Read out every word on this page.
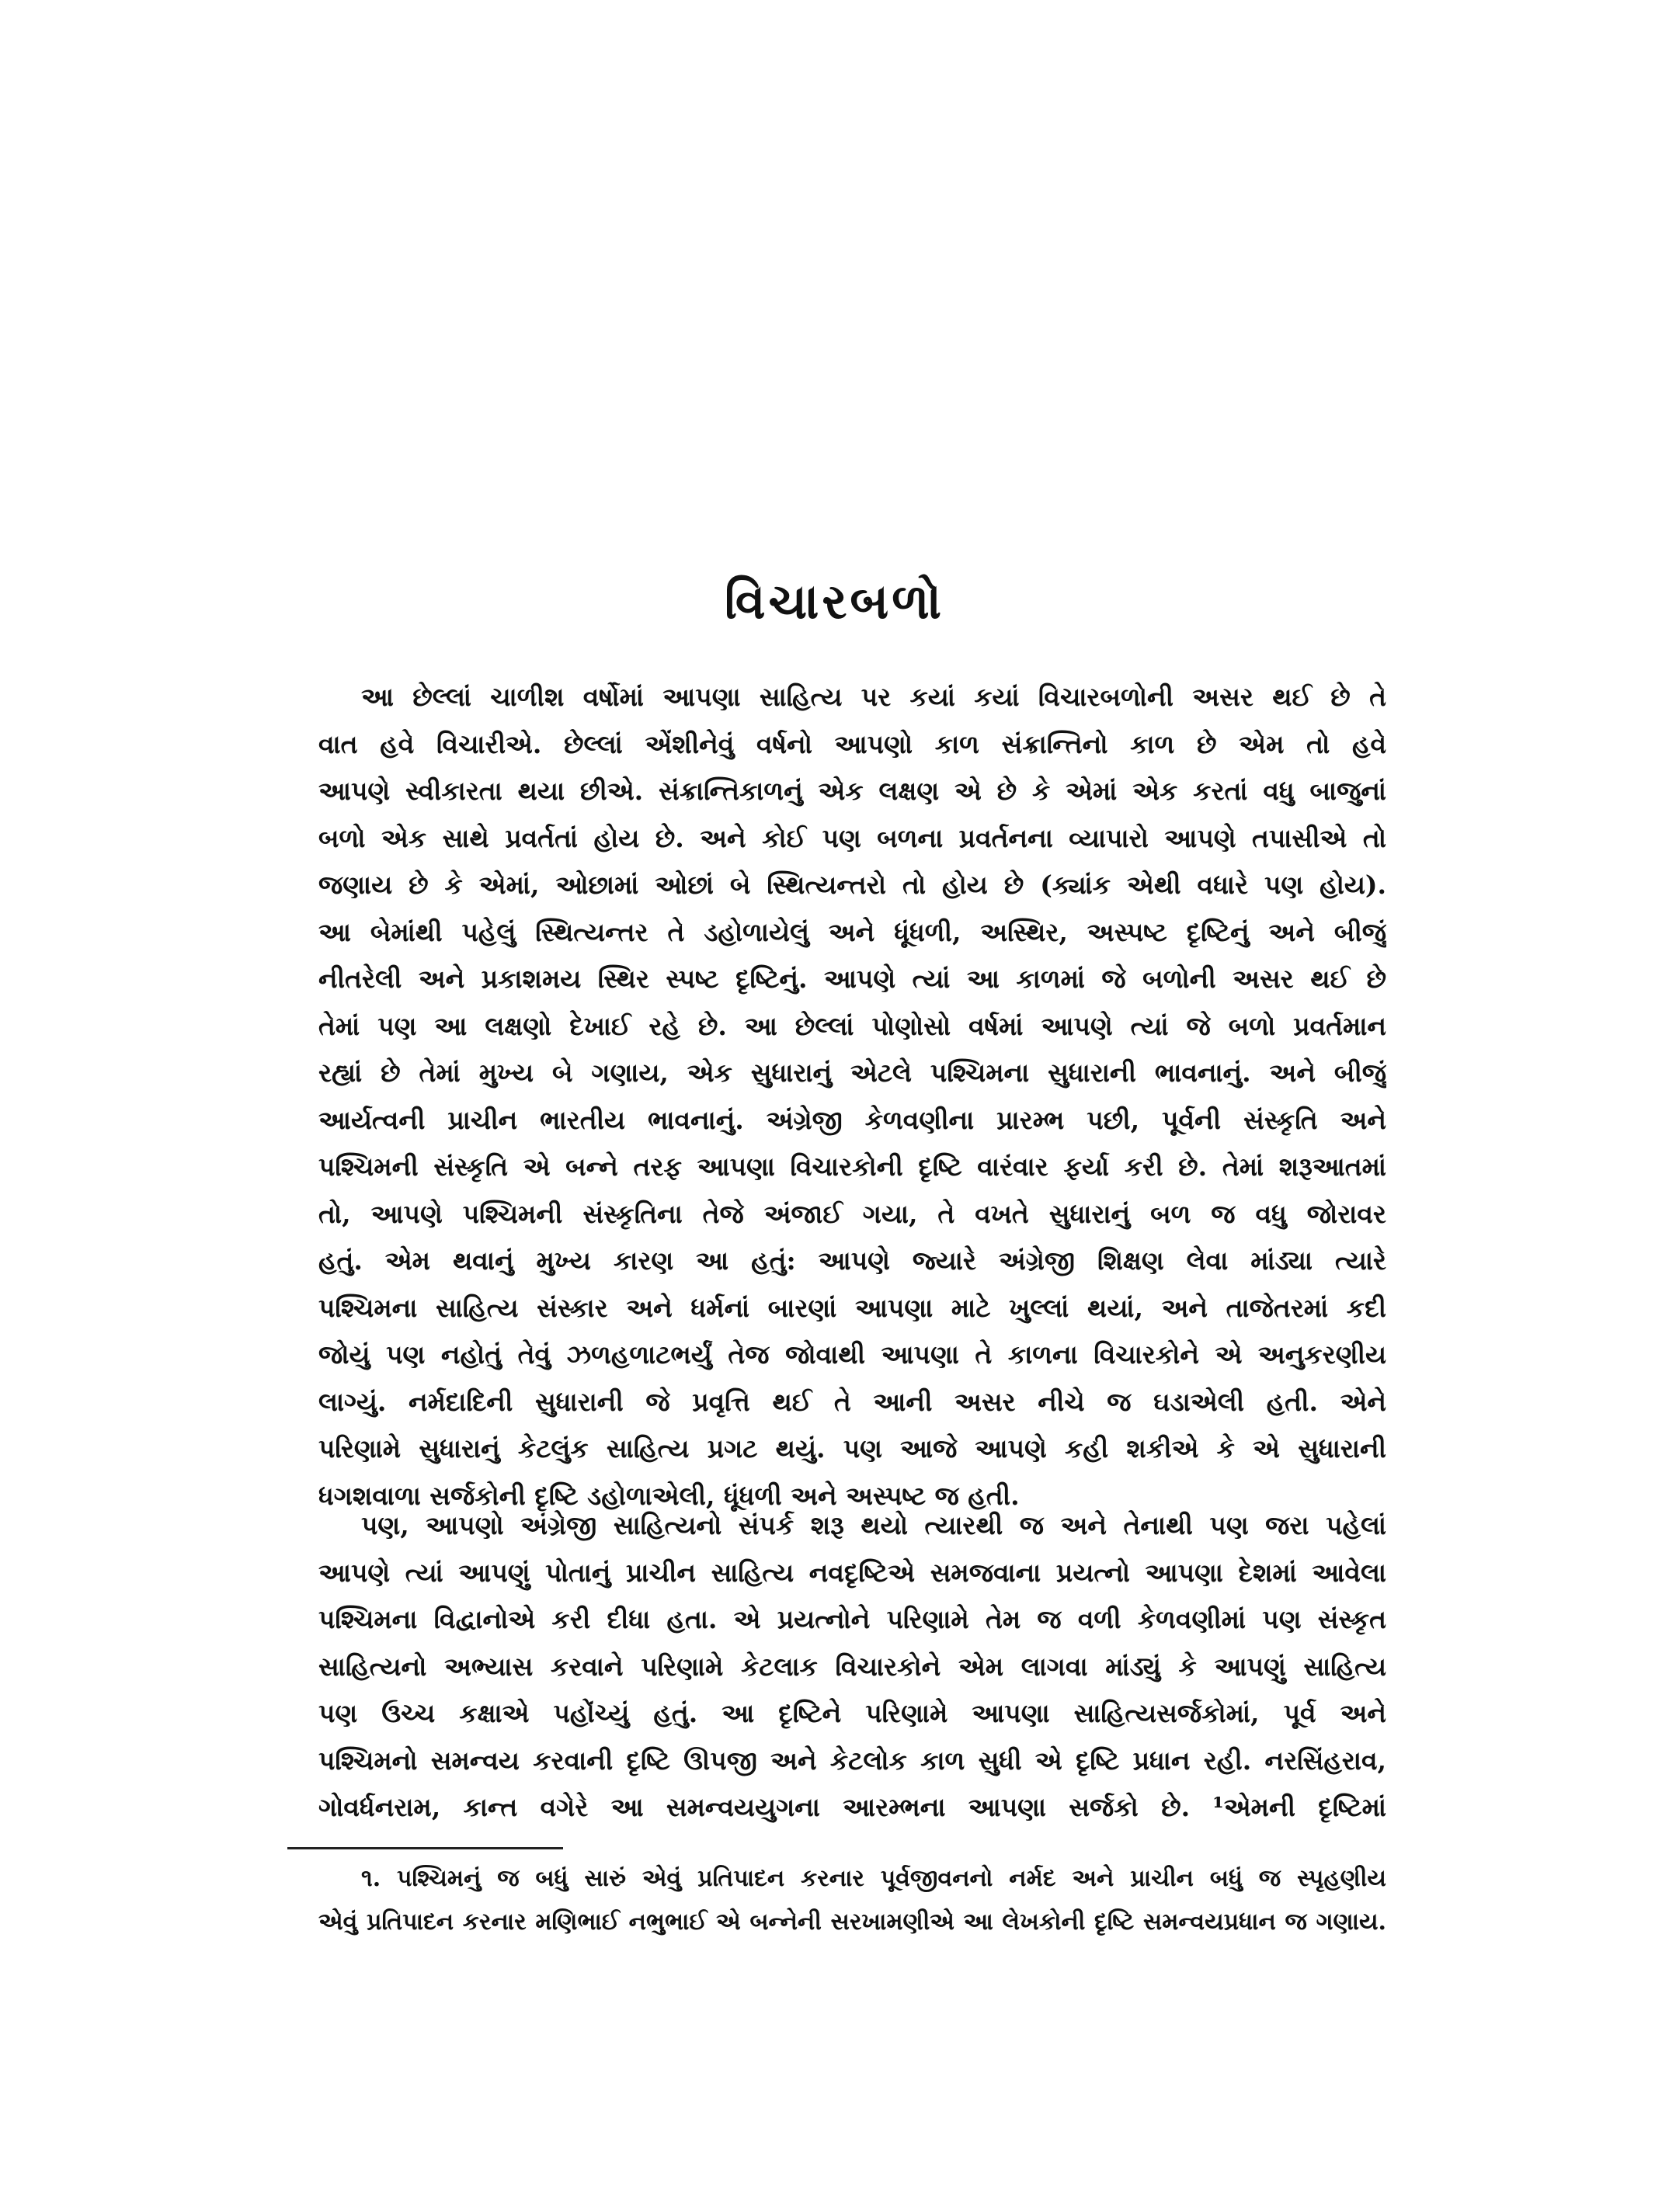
વિચારબળો
આ છેલ્લાં ચાળીશ વર્ષોમાં આપણા સાહિત્ય પર કયાં કયાં વિચારબળોની અસર થઈ છે તે
વાત હવે વિચારીએ. છેલ્લાં એંશીનેવું વર્ષનો આપણો કાળ સંક્રાન્તિનો કાળ છે એમ તો હવે
આપણે સ્વીકારતા થયા છીએ. સંક્રાન્તિકાળનું એક લક્ષણ એ છે કે એમાં એક કરતાં વધુ બાજુનાં
બળો એક સાથે પ્રવર્તતાં હોય છે. અને કોઈ પણ બળના પ્રવર્તનના વ્યાપારો આપણે તપાસીએ તો
જણાય છે કે એમાં, ઓછામાં ઓછાં બે સ્થિત્યન્તરો તો હોય છે (ક્યાંક એથી વધારે પણ હોય).
આ બેમાંથી પહેલું સ્થિત્યન્તર તે ડહોળાયેલું અને ધૂંધળી, અસ્થિર, અસ્પષ્ટ દૃષ્ટિનું અને બીજું
નીતરેલી અને પ્રકાશમય સ્થિર સ્પષ્ટ દૃષ્ટિનું. આપણે ત્યાં આ કાળમાં જે બળોની અસર થઈ છે
તેમાં પણ આ લક્ષણો દેખાઈ રહે છે. આ છેલ્લાં પોણોસો વર્ષમાં આપણે ત્યાં જે બળો પ્રવર્તમાન
રહ્યાં છે તેમાં મુખ્ય બે ગણાય, એક સુધારાનું એટલે પશ્ચિમના સુધારાની ભાવનાનું. અને બીજું
આર્યત્વની પ્રાચીન ભારતીય ભાવનાનું. અંગ્રેજી કેળવણીના પ્રારમ્ભ પછી, પૂર્વની સંસ્કૃતિ અને
પશ્ચિમની સંસ્કૃતિ એ બન્ને તરફ આપણા વિચારકોની દૃષ્ટિ વારંવાર ફર્યા કરી છે. તેમાં શરૂઆતમાં
તો, આપણે પશ્ચિમની સંસ્કૃતિના તેજે અંજાઈ ગયા, તે વખતે સુધારાનું બળ જ વધુ જોરાવર
હતું. એમ થવાનું મુખ્ય કારણ આ હતું: આપણે જ્યારે અંગ્રેજી શિક્ષણ લેવા માંડ્યા ત્યારે
પશ્ચિમના સાહિત્ય સંસ્કાર અને ધર્મનાં બારણાં આપણા માટે ખુલ્લાં થયાં, અને તાજેતરમાં કદી
જોયું પણ નહોતું તેવું ઝળહળાટભર્યું તેજ જોવાથી આપણા તે કાળના વિચારકોને એ અનુકરણીય
લાગ્યું. નર્મદાદિની સુધારાની જે પ્રવૃત્તિ થઈ તે આની અસર નીચે જ ઘડાએલી હતી. એને
પરિણામે સુધારાનું કેટલુંક સાહિત્ય પ્રગટ થયું. પણ આજે આપણે કહી શકીએ કે એ સુધારાની
ધગશવાળા સર્જકોની દૃષ્ટિ ડહોળાએલી, ધૂંધળી અને અસ્પષ્ટ જ હતી.
પણ, આપણો અંગ્રેજી સાહિત્યનો સંપર્ક શરૂ થયો ત્યારથી જ અને તેનાથી પણ જરા પહેલાં
આપણે ત્યાં આપણું પોતાનું પ્રાચીન સાહિત્ય નવદૃષ્ટિએ સમજવાના પ્રયત્નો આપણા દેશમાં આવેલા
પશ્ચિમના વિદ્વાનોએ કરી દીધા હતા. એ પ્રયત્નોને પરિણામે તેમ જ વળી કેળવણીમાં પણ સંસ્કૃત
સાહિત્યનો અભ્યાસ કરવાને પરિણામે કેટલાક વિચારકોને એમ લાગવા માંડ્યું કે આપણું સાહિત્ય
પણ ઉચ્ચ કક્ષાએ પહોંચ્યું હતું. આ દૃષ્ટિને પરિણામે આપણા સાહિત્યસર્જકોમાં, પૂર્વ અને
પશ્ચિમનો સમન્વય કરવાની દૃષ્ટિ ઊપજી અને કેટલોક કાળ સુધી એ દૃષ્ટિ પ્રધાન રહી. નરસિંહરાવ,
ગોવર્ધનરામ, કાન્ત વગેરે આ સમન્વયયુગના આરમ્ભના આપણા સર્જકો છે. ¹એમની દૃષ્ટિમાં
૧. પશ્ચિમનું જ બધું સારું એવું પ્રતિપાદન કરનાર પૂર્વજીવનનો નર્મદ અને પ્રાચીન બધું જ સ્પૃહણીય
એવું પ્રતિપાદન કરનાર મણિભાઈ નભુભાઈ એ બન્નેની સરખામણીએ આ લેખકોની દૃષ્ટિ સમન્વયપ્રધાન જ ગણાય.
